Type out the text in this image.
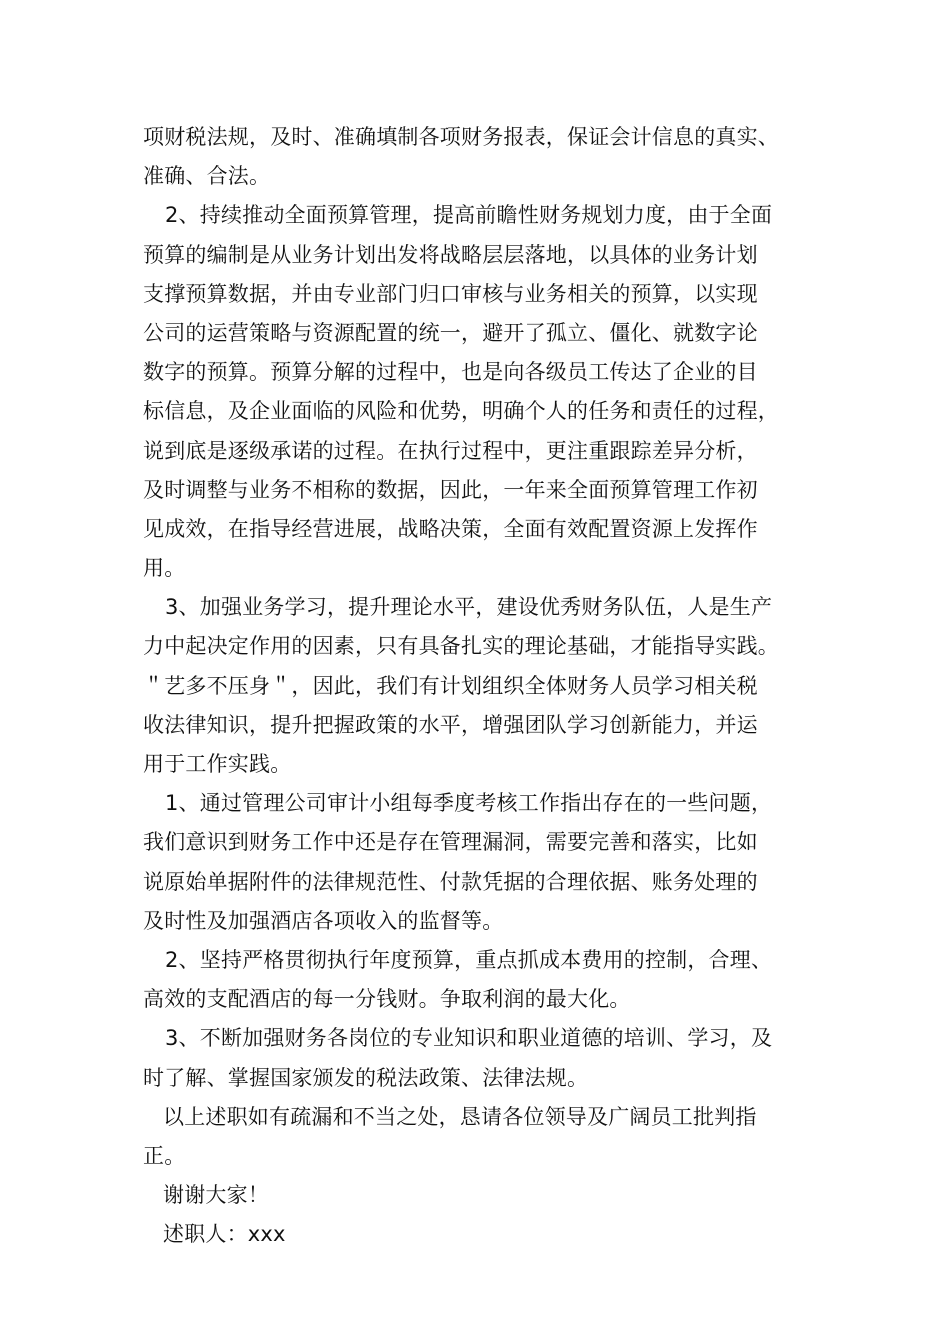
项财税法规，及时、准确填制各项财务报表，保证会计信息的真实、
准确、合法。
2、持续推动全面预算管理，提高前瞻性财务规划力度，由于全面
预算的编制是从业务计划出发将战略层层落地，以具体的业务计划
支撑预算数据，并由专业部门归口审核与业务相关的预算，以实现
公司的运营策略与资源配置的统一，避开了孤立、僵化、就数字论
数字的预算。预算分解的过程中，也是向各级员工传达了企业的目
标信息，及企业面临的风险和优势，明确个人的任务和责任的过程，
说到底是逐级承诺的过程。在执行过程中，更注重跟踪差异分析，
及时调整与业务不相称的数据，因此，一年来全面预算管理工作初
见成效，在指导经营进展，战略决策，全面有效配置资源上发挥作
用。
3、加强业务学习，提升理论水平，建设优秀财务队伍，人是生产
力中起决定作用的因素，只有具备扎实的理论基础，才能指导实践。
＂艺多不压身＂，因此，我们有计划组织全体财务人员学习相关税
收法律知识，提升把握政策的水平，增强团队学习创新能力，并运
用于工作实践。
1、通过管理公司审计小组每季度考核工作指出存在的一些问题，
我们意识到财务工作中还是存在管理漏洞，需要完善和落实，比如
说原始单据附件的法律规范性、付款凭据的合理依据、账务处理的
及时性及加强酒店各项收入的监督等。
2、坚持严格贯彻执行年度预算，重点抓成本费用的控制，合理、
高效的支配酒店的每一分钱财。争取利润的最大化。
3、不断加强财务各岗位的专业知识和职业道德的培训、学习，及
时了解、掌握国家颁发的税法政策、法律法规。
以上述职如有疏漏和不当之处，恳请各位领导及广阔员工批判指
正。
谢谢大家！
述职人：xxx
